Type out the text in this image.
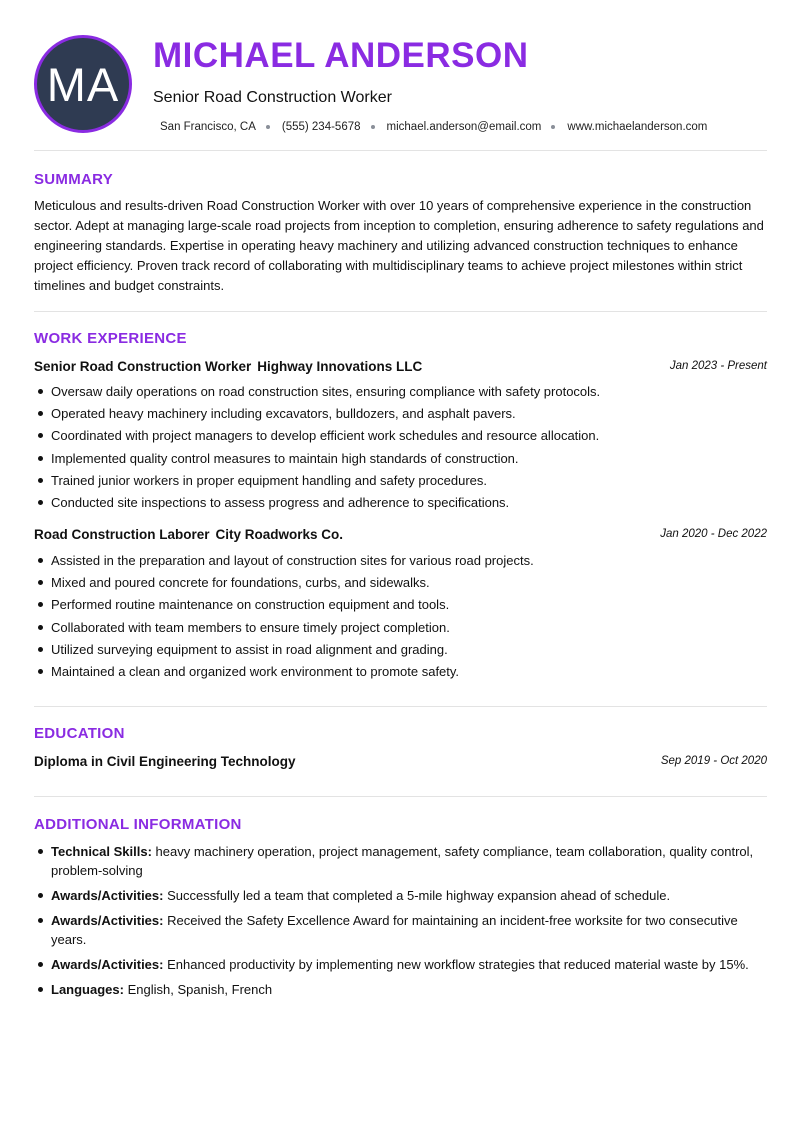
MA
MICHAEL ANDERSON
Senior Road Construction Worker
San Francisco, CA (555) 234-5678 michael.anderson@email.com www.michaelanderson.com
SUMMARY
Meticulous and results-driven Road Construction Worker with over 10 years of comprehensive experience in the construction sector. Adept at managing large-scale road projects from inception to completion, ensuring adherence to safety regulations and engineering standards. Expertise in operating heavy machinery and utilizing advanced construction techniques to enhance project efficiency. Proven track record of collaborating with multidisciplinary teams to achieve project milestones within strict timelines and budget constraints.
WORK EXPERIENCE
Senior Road Construction Worker Highway Innovations LLC	Jan 2023 - Present
Oversaw daily operations on road construction sites, ensuring compliance with safety protocols.
Operated heavy machinery including excavators, bulldozers, and asphalt pavers.
Coordinated with project managers to develop efficient work schedules and resource allocation.
Implemented quality control measures to maintain high standards of construction.
Trained junior workers in proper equipment handling and safety procedures.
Conducted site inspections to assess progress and adherence to specifications.
Road Construction Laborer City Roadworks Co.	Jan 2020 - Dec 2022
Assisted in the preparation and layout of construction sites for various road projects.
Mixed and poured concrete for foundations, curbs, and sidewalks.
Performed routine maintenance on construction equipment and tools.
Collaborated with team members to ensure timely project completion.
Utilized surveying equipment to assist in road alignment and grading.
Maintained a clean and organized work environment to promote safety.
EDUCATION
Diploma in Civil Engineering Technology	Sep 2019 - Oct 2020
ADDITIONAL INFORMATION
Technical Skills: heavy machinery operation, project management, safety compliance, team collaboration, quality control, problem-solving
Awards/Activities: Successfully led a team that completed a 5-mile highway expansion ahead of schedule.
Awards/Activities: Received the Safety Excellence Award for maintaining an incident-free worksite for two consecutive years.
Awards/Activities: Enhanced productivity by implementing new workflow strategies that reduced material waste by 15%.
Languages: English, Spanish, French
